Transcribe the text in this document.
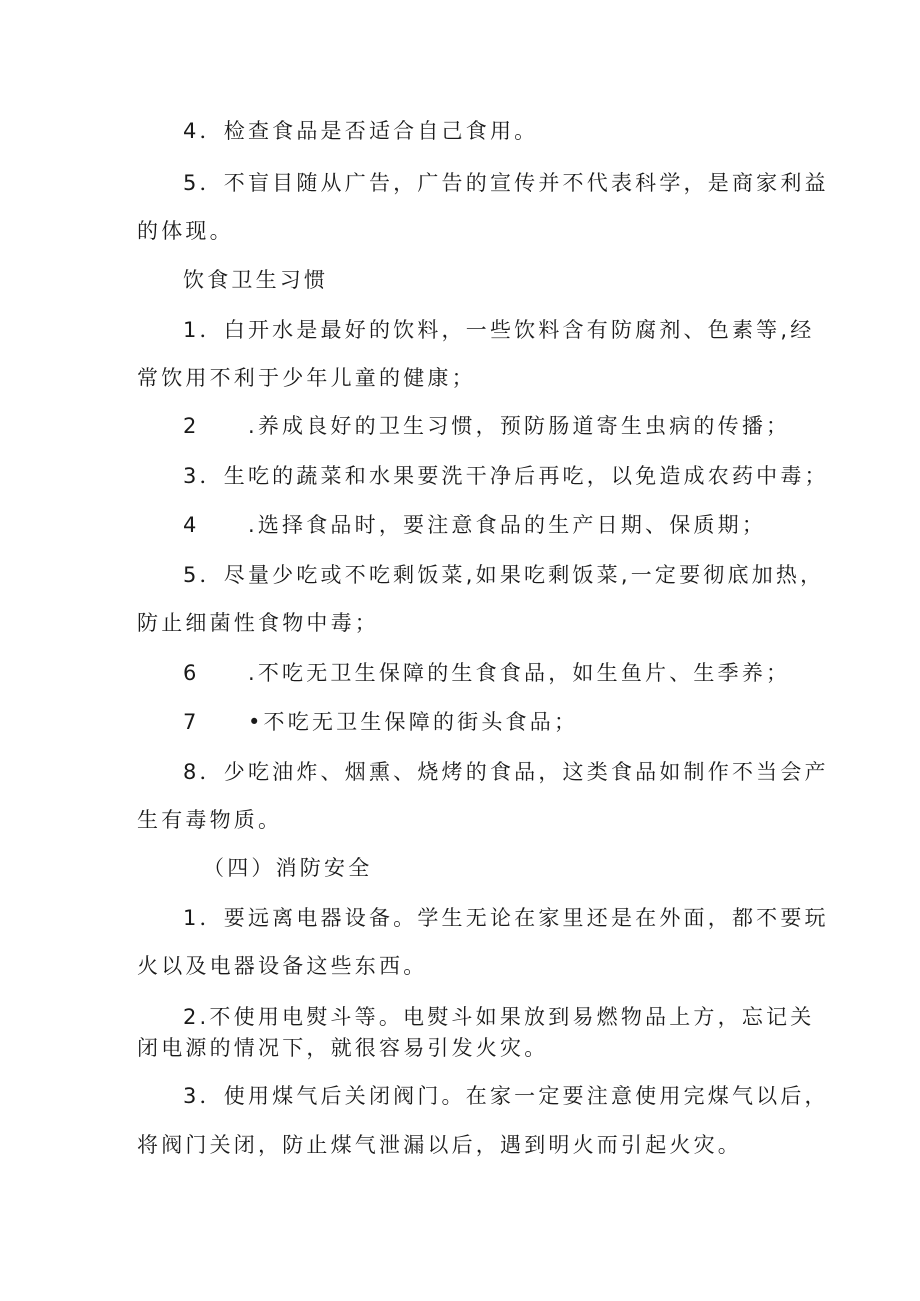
4．检查食品是否适合自己食用。
5．不盲目随从广告，广告的宣传并不代表科学，是商家利益
的体现。
饮食卫生习惯
1．白开水是最好的饮料，一些饮料含有防腐剂、色素等,经
常饮用不利于少年儿童的健康；
2　　.养成良好的卫生习惯，预防肠道寄生虫病的传播；
3．生吃的蔬菜和水果要洗干净后再吃，以免造成农药中毒；
4　　.选择食品时，要注意食品的生产日期、保质期；
5．尽量少吃或不吃剩饭菜,如果吃剩饭菜,一定要彻底加热，
防止细菌性食物中毒；
6　　.不吃无卫生保障的生食食品，如生鱼片、生季养；
7　　•不吃无卫生保障的街头食品；
8．少吃油炸、烟熏、烧烤的食品，这类食品如制作不当会产
生有毒物质。
（四）消防安全
1．要远离电器设备。学生无论在家里还是在外面，都不要玩
火以及电器设备这些东西。
2.不使用电熨斗等。电熨斗如果放到易燃物品上方，忘记关
闭电源的情况下，就很容易引发火灾。
3．使用煤气后关闭阀门。在家一定要注意使用完煤气以后，
将阀门关闭，防止煤气泄漏以后，遇到明火而引起火灾。
